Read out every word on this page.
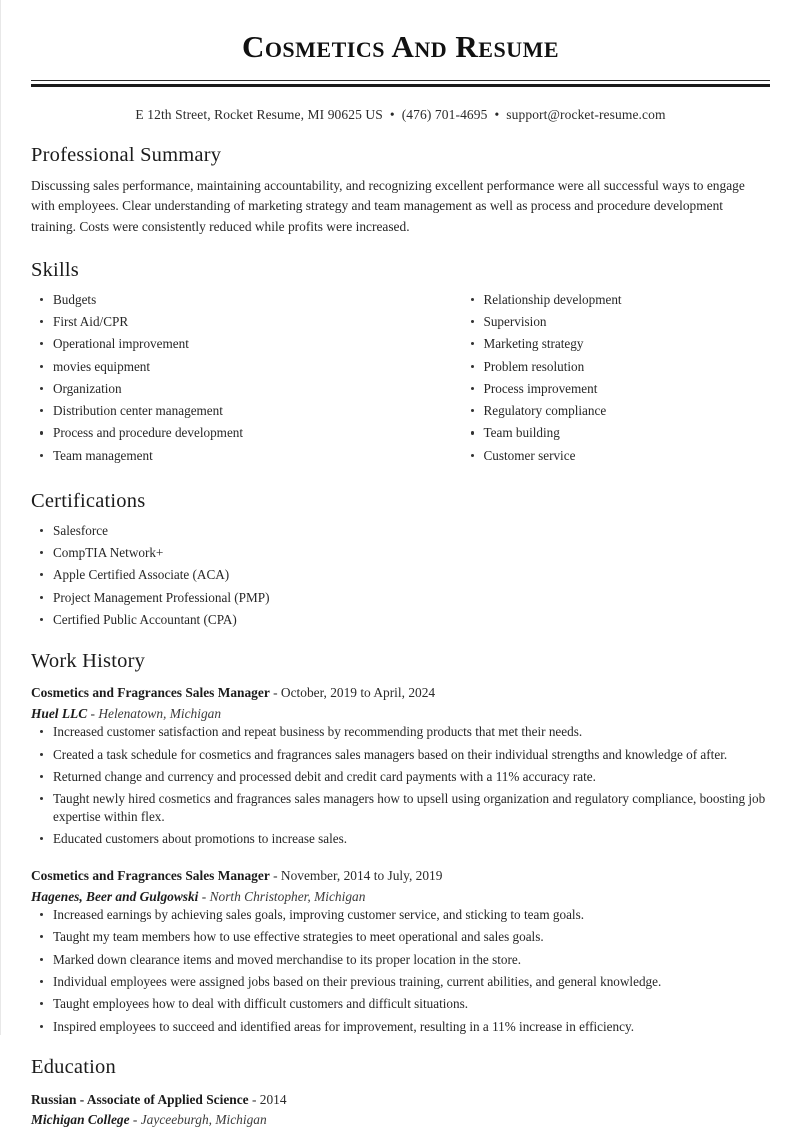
Cosmetics And Resume
E 12th Street, Rocket Resume, MI 90625 US • (476) 701-4695 • support@rocket-resume.com
Professional Summary

Discussing sales performance, maintaining accountability, and recognizing excellent performance were all successful ways to engage with employees. Clear understanding of marketing strategy and team management as well as process and procedure development training. Costs were consistently reduced while profits were increased.

Skills
Budgets
First Aid/CPR
Operational improvement
movies equipment
Organization
Distribution center management
Process and procedure development
Team management
Relationship development
Supervision
Marketing strategy
Problem resolution
Process improvement
Regulatory compliance
Team building
Customer service
Certifications
Salesforce
CompTIA Network+
Apple Certified Associate (ACA)
Project Management Professional (PMP)
Certified Public Accountant (CPA)
Work History
Cosmetics and Fragrances Sales Manager - October, 2019 to April, 2024
Huel LLC - Helenatown, Michigan
Increased customer satisfaction and repeat business by recommending products that met their needs.
Created a task schedule for cosmetics and fragrances sales managers based on their individual strengths and knowledge of after.
Returned change and currency and processed debit and credit card payments with a 11% accuracy rate.
Taught newly hired cosmetics and fragrances sales managers how to upsell using organization and regulatory compliance, boosting job expertise within flex.
Educated customers about promotions to increase sales.
Cosmetics and Fragrances Sales Manager - November, 2014 to July, 2019
Hagenes, Beer and Gulgowski - North Christopher, Michigan
Increased earnings by achieving sales goals, improving customer service, and sticking to team goals.
Taught my team members how to use effective strategies to meet operational and sales goals.
Marked down clearance items and moved merchandise to its proper location in the store.
Individual employees were assigned jobs based on their previous training, current abilities, and general knowledge.
Taught employees how to deal with difficult customers and difficult situations.
Inspired employees to succeed and identified areas for improvement, resulting in a 11% increase in efficiency.
Education
Russian - Associate of Applied Science - 2014
Michigan College - Jayceeburgh, Michigan
